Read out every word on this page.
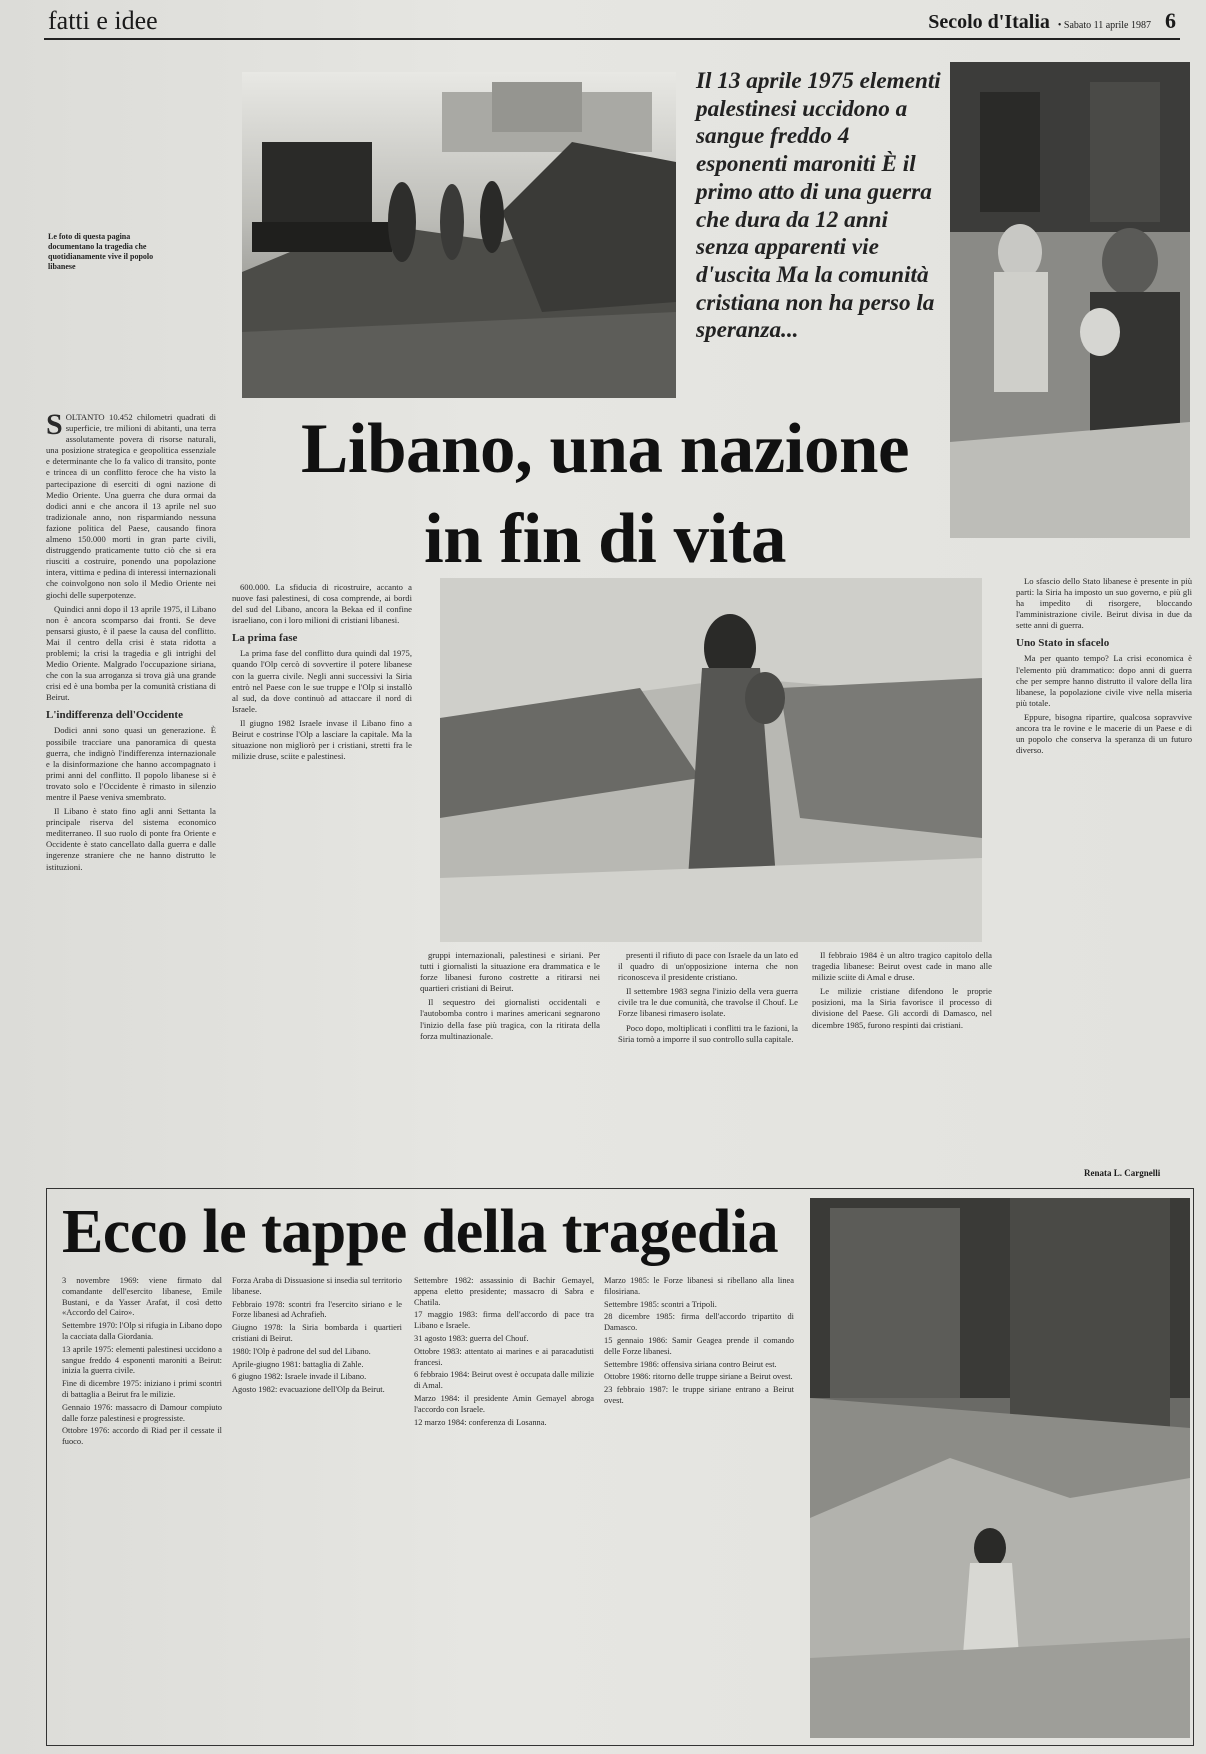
fatti e idee	Secolo d'Italia • Sabato 11 aprile 1987 6
Le foto di questa pagina documentano la tragedia che quotidianamente vive il popolo libanese
Il 13 aprile 1975 elementi palestinesi uccidono a sangue freddo 4 esponenti maroniti È il primo atto di una guerra che dura da 12 anni senza apparenti vie d'uscita Ma la comunità cristiana non ha perso la speranza...
Libano, una nazione
in fin di vita

SOLTANTO 10.452 chilometri quadrati di superficie, tre milioni di abitanti, una terra assolutamente povera di risorse naturali, una posizione strategica e geopolitica essenziale e determinante che lo fa valico di transito, ponte e trincea di un conflitto feroce che ha visto la partecipazione di eserciti di ogni nazione di Medio Oriente. Una guerra che dura ormai da dodici anni e che ancora il 13 aprile nel suo tradizionale anno, non risparmiando nessuna fazione politica del Paese, causando finora almeno 150.000 morti in gran parte civili, distruggendo praticamente tutto ciò che si era riusciti a costruire, ponendo una popolazione intera, vittima e pedina di interessi internazionali che coinvolgono non solo il Medio Oriente nei giochi delle superpotenze.

Quindici anni dopo il 13 aprile 1975, il Libano non è ancora scomparso dai fronti. Se deve pensarsi giusto, è il paese la causa del conflitto. Mai il centro della crisi è stata ridotta a problemi; la crisi la tragedia e gli intrighi del Medio Oriente. Malgrado l'occupazione siriana, che con la sua arroganza si trova già una grande crisi ed è una bomba per la comunità cristiana di Beirut.

L'indifferenza dell'Occidente

Dodici anni sono quasi un generazione. È possibile tracciare una panoramica di questa guerra, che indignò l'indifferenza internazionale e la disinformazione che hanno accompagnato i primi anni del conflitto. Il popolo libanese si è trovato solo e l'Occidente è rimasto in silenzio mentre il Paese veniva smembrato.

Il Libano è stato fino agli anni Settanta la principale riserva del sistema economico mediterraneo. Il suo ruolo di ponte fra Oriente e Occidente è stato cancellato dalla guerra e dalle ingerenze straniere che ne hanno distrutto le istituzioni.

600.000. La sfiducia di ricostruire, accanto a nuove fasi palestinesi, di cosa comprende, ai bordi del sud del Libano, ancora la Bekaa ed il confine israeliano, con i loro milioni di cristiani libanesi.

La prima fase

La prima fase del conflitto dura quindi dal 1975, quando l'Olp cercò di sovvertire il potere libanese con la guerra civile. Negli anni successivi la Siria entrò nel Paese con le sue truppe e l'Olp si installò al sud, da dove continuò ad attaccare il nord di Israele.

Il giugno 1982 Israele invase il Libano fino a Beirut e costrinse l'Olp a lasciare la capitale. Ma la situazione non migliorò per i cristiani, stretti fra le milizie druse, sciite e palestinesi.

gruppi internazionali, palestinesi e siriani. Per tutti i giornalisti la situazione era drammatica e le forze libanesi furono costrette a ritirarsi nei quartieri cristiani di Beirut.

Il sequestro dei giornalisti occidentali e l'autobomba contro i marines americani segnarono l'inizio della fase più tragica, con la ritirata della forza multinazionale.

presenti il rifiuto di pace con Israele da un lato ed il quadro di un'opposizione interna che non riconosceva il presidente cristiano.

Il settembre 1983 segna l'inizio della vera guerra civile tra le due comunità, che travolse il Chouf. Le Forze libanesi rimasero isolate.

Poco dopo, moltiplicati i conflitti tra le fazioni, la Siria tornò a imporre il suo controllo sulla capitale.

Il febbraio 1984 è un altro tragico capitolo della tragedia libanese: Beirut ovest cade in mano alle milizie sciite di Amal e druse.

Le milizie cristiane difendono le proprie posizioni, ma la Siria favorisce il processo di divisione del Paese. Gli accordi di Damasco, nel dicembre 1985, furono respinti dai cristiani.

Lo sfascio dello Stato libanese è presente in più parti: la Siria ha imposto un suo governo, e più gli ha impedito di risorgere, bloccando l'amministrazione civile. Beirut divisa in due da sette anni di guerra.

Uno Stato in sfacelo

Ma per quanto tempo? La crisi economica è l'elemento più drammatico: dopo anni di guerra che per sempre hanno distrutto il valore della lira libanese, la popolazione civile vive nella miseria più totale.

Eppure, bisogna ripartire, qualcosa sopravvive ancora tra le rovine e le macerie di un Paese e di un popolo che conserva la speranza di un futuro diverso.

Renata L. Cargnelli
Ecco le tappe della tragedia

3 novembre 1969: viene firmato dal comandante dell'esercito libanese, Emile Bustani, e da Yasser Arafat, il così detto «Accordo del Cairo».

Settembre 1970: l'Olp si rifugia in Libano dopo la cacciata dalla Giordania.

13 aprile 1975: elementi palestinesi uccidono a sangue freddo 4 esponenti maroniti a Beirut: inizia la guerra civile.

Fine di dicembre 1975: iniziano i primi scontri di battaglia a Beirut fra le milizie.

Gennaio 1976: massacro di Damour compiuto dalle forze palestinesi e progressiste.

Ottobre 1976: accordo di Riad per il cessate il fuoco.

Forza Araba di Dissuasione si insedia sul territorio libanese.

Febbraio 1978: scontri fra l'esercito siriano e le Forze libanesi ad Achrafieh.

Giugno 1978: la Siria bombarda i quartieri cristiani di Beirut.

1980: l'Olp è padrone del sud del Libano.

Aprile-giugno 1981: battaglia di Zahle.

6 giugno 1982: Israele invade il Libano.

Agosto 1982: evacuazione dell'Olp da Beirut.

Settembre 1982: assassinio di Bachir Gemayel, appena eletto presidente; massacro di Sabra e Chatila.

17 maggio 1983: firma dell'accordo di pace tra Libano e Israele.

31 agosto 1983: guerra del Chouf.

Ottobre 1983: attentato ai marines e ai paracadutisti francesi.

6 febbraio 1984: Beirut ovest è occupata dalle milizie di Amal.

Marzo 1984: il presidente Amin Gemayel abroga l'accordo con Israele.

12 marzo 1984: conferenza di Losanna.

Marzo 1985: le Forze libanesi si ribellano alla linea filosiriana.

Settembre 1985: scontri a Tripoli.

28 dicembre 1985: firma dell'accordo tripartito di Damasco.

15 gennaio 1986: Samir Geagea prende il comando delle Forze libanesi.

Settembre 1986: offensiva siriana contro Beirut est.

Ottobre 1986: ritorno delle truppe siriane a Beirut ovest.

23 febbraio 1987: le truppe siriane entrano a Beirut ovest.
